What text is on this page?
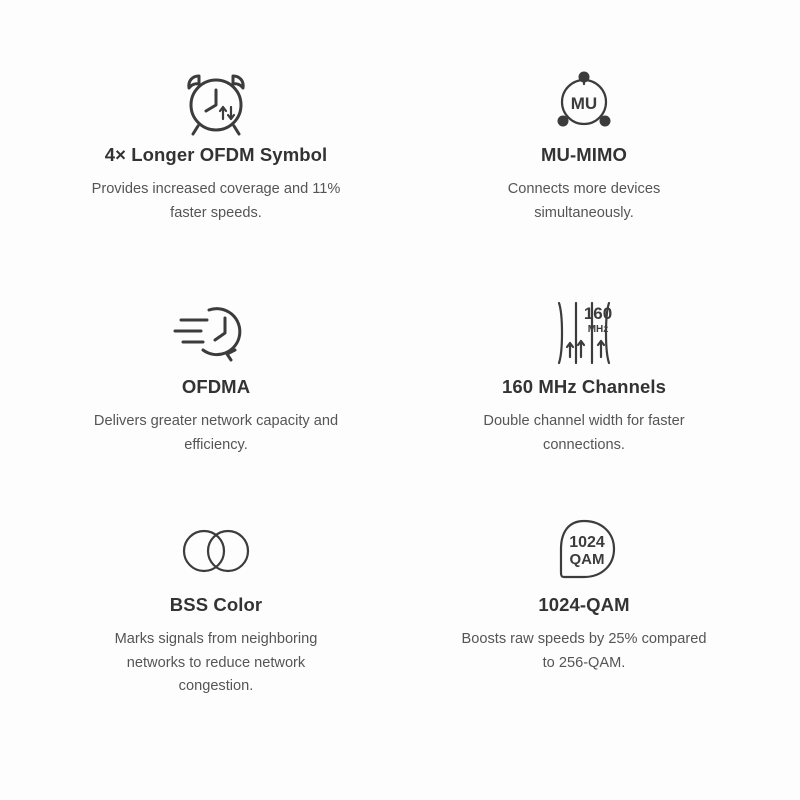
4× Longer OFDM Symbol
Provides increased coverage and 11% faster speeds.
MU
MU-MIMO
Connects more devices simultaneously.
OFDMA
Delivers greater network capacity and efficiency.
160
MHz
160 MHz Channels
Double channel width for faster connections.
BSS Color
Marks signals from neighboring networks to reduce network congestion.
1024
QAM
1024-QAM
Boosts raw speeds by 25% compared to 256-QAM.
